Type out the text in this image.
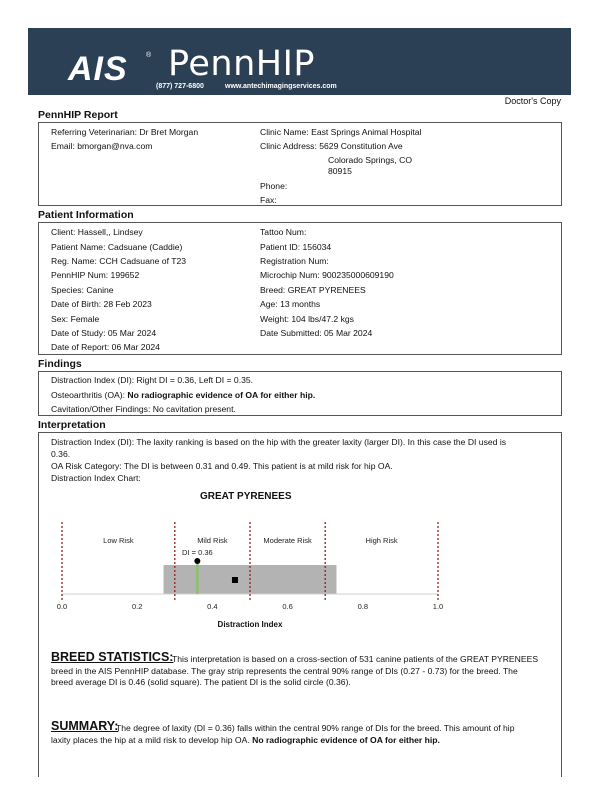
AIS	® PennHIP
(877) 727-6800	www.antechimagingservices.com
Doctor's Copy
PennHIP Report
Referring Veterinarian: Dr Bret Morgan
Email: bmorgan@nva.com
Clinic Name: East Springs Animal Hospital
Clinic Address: 5629 Constitution Ave
Colorado Springs, CO
80915
Phone:
Fax:
Patient Information
Client: Hassell,, Lindsey
Patient Name: Cadsuane (Caddie)
Reg. Name: CCH Cadsuane of T23
PennHIP Num: 199652
Species: Canine
Date of Birth: 28 Feb 2023
Sex: Female
Date of Study: 05 Mar 2024
Date of Report: 06 Mar 2024
Tattoo Num:
Patient ID: 156034
Registration Num:
Microchip Num: 900235000609190
Breed: GREAT PYRENEES
Age: 13 months
Weight: 104 lbs/47.2 kgs
Date Submitted: 05 Mar 2024
Findings
Distraction Index (DI): Right DI = 0.36, Left DI = 0.35.
Osteoarthritis (OA): No radiographic evidence of OA for either hip.
Cavitation/Other Findings: No cavitation present.
Interpretation
Distraction Index (DI): The laxity ranking is based on the hip with the greater laxity (larger DI). In this case the DI used is
0.36.
OA Risk Category: The DI is between 0.31 and 0.49. This patient is at mild risk for hip OA.
Distraction Index Chart:
GREAT PYRENEES
Low Risk	Mild Risk	Moderate Risk	High Risk
DI = 0.36
0.0	0.2	0.4	0.6	0.8	1.0
Distraction Index
BREED STATISTICS:
This interpretation is based on a cross-section of 531 canine patients of the GREAT PYRENEES
breed in the AIS PennHIP database. The gray strip represents the central 90% range of DIs (0.27 - 0.73) for the breed. The
breed average DI is 0.46 (solid square). The patient DI is the solid circle (0.36).
SUMMARY:
The degree of laxity (DI = 0.36) falls within the central 90% range of DIs for the breed. This amount of hip
laxity places the hip at a mild risk to develop hip OA. No radiographic evidence of OA for either hip.
